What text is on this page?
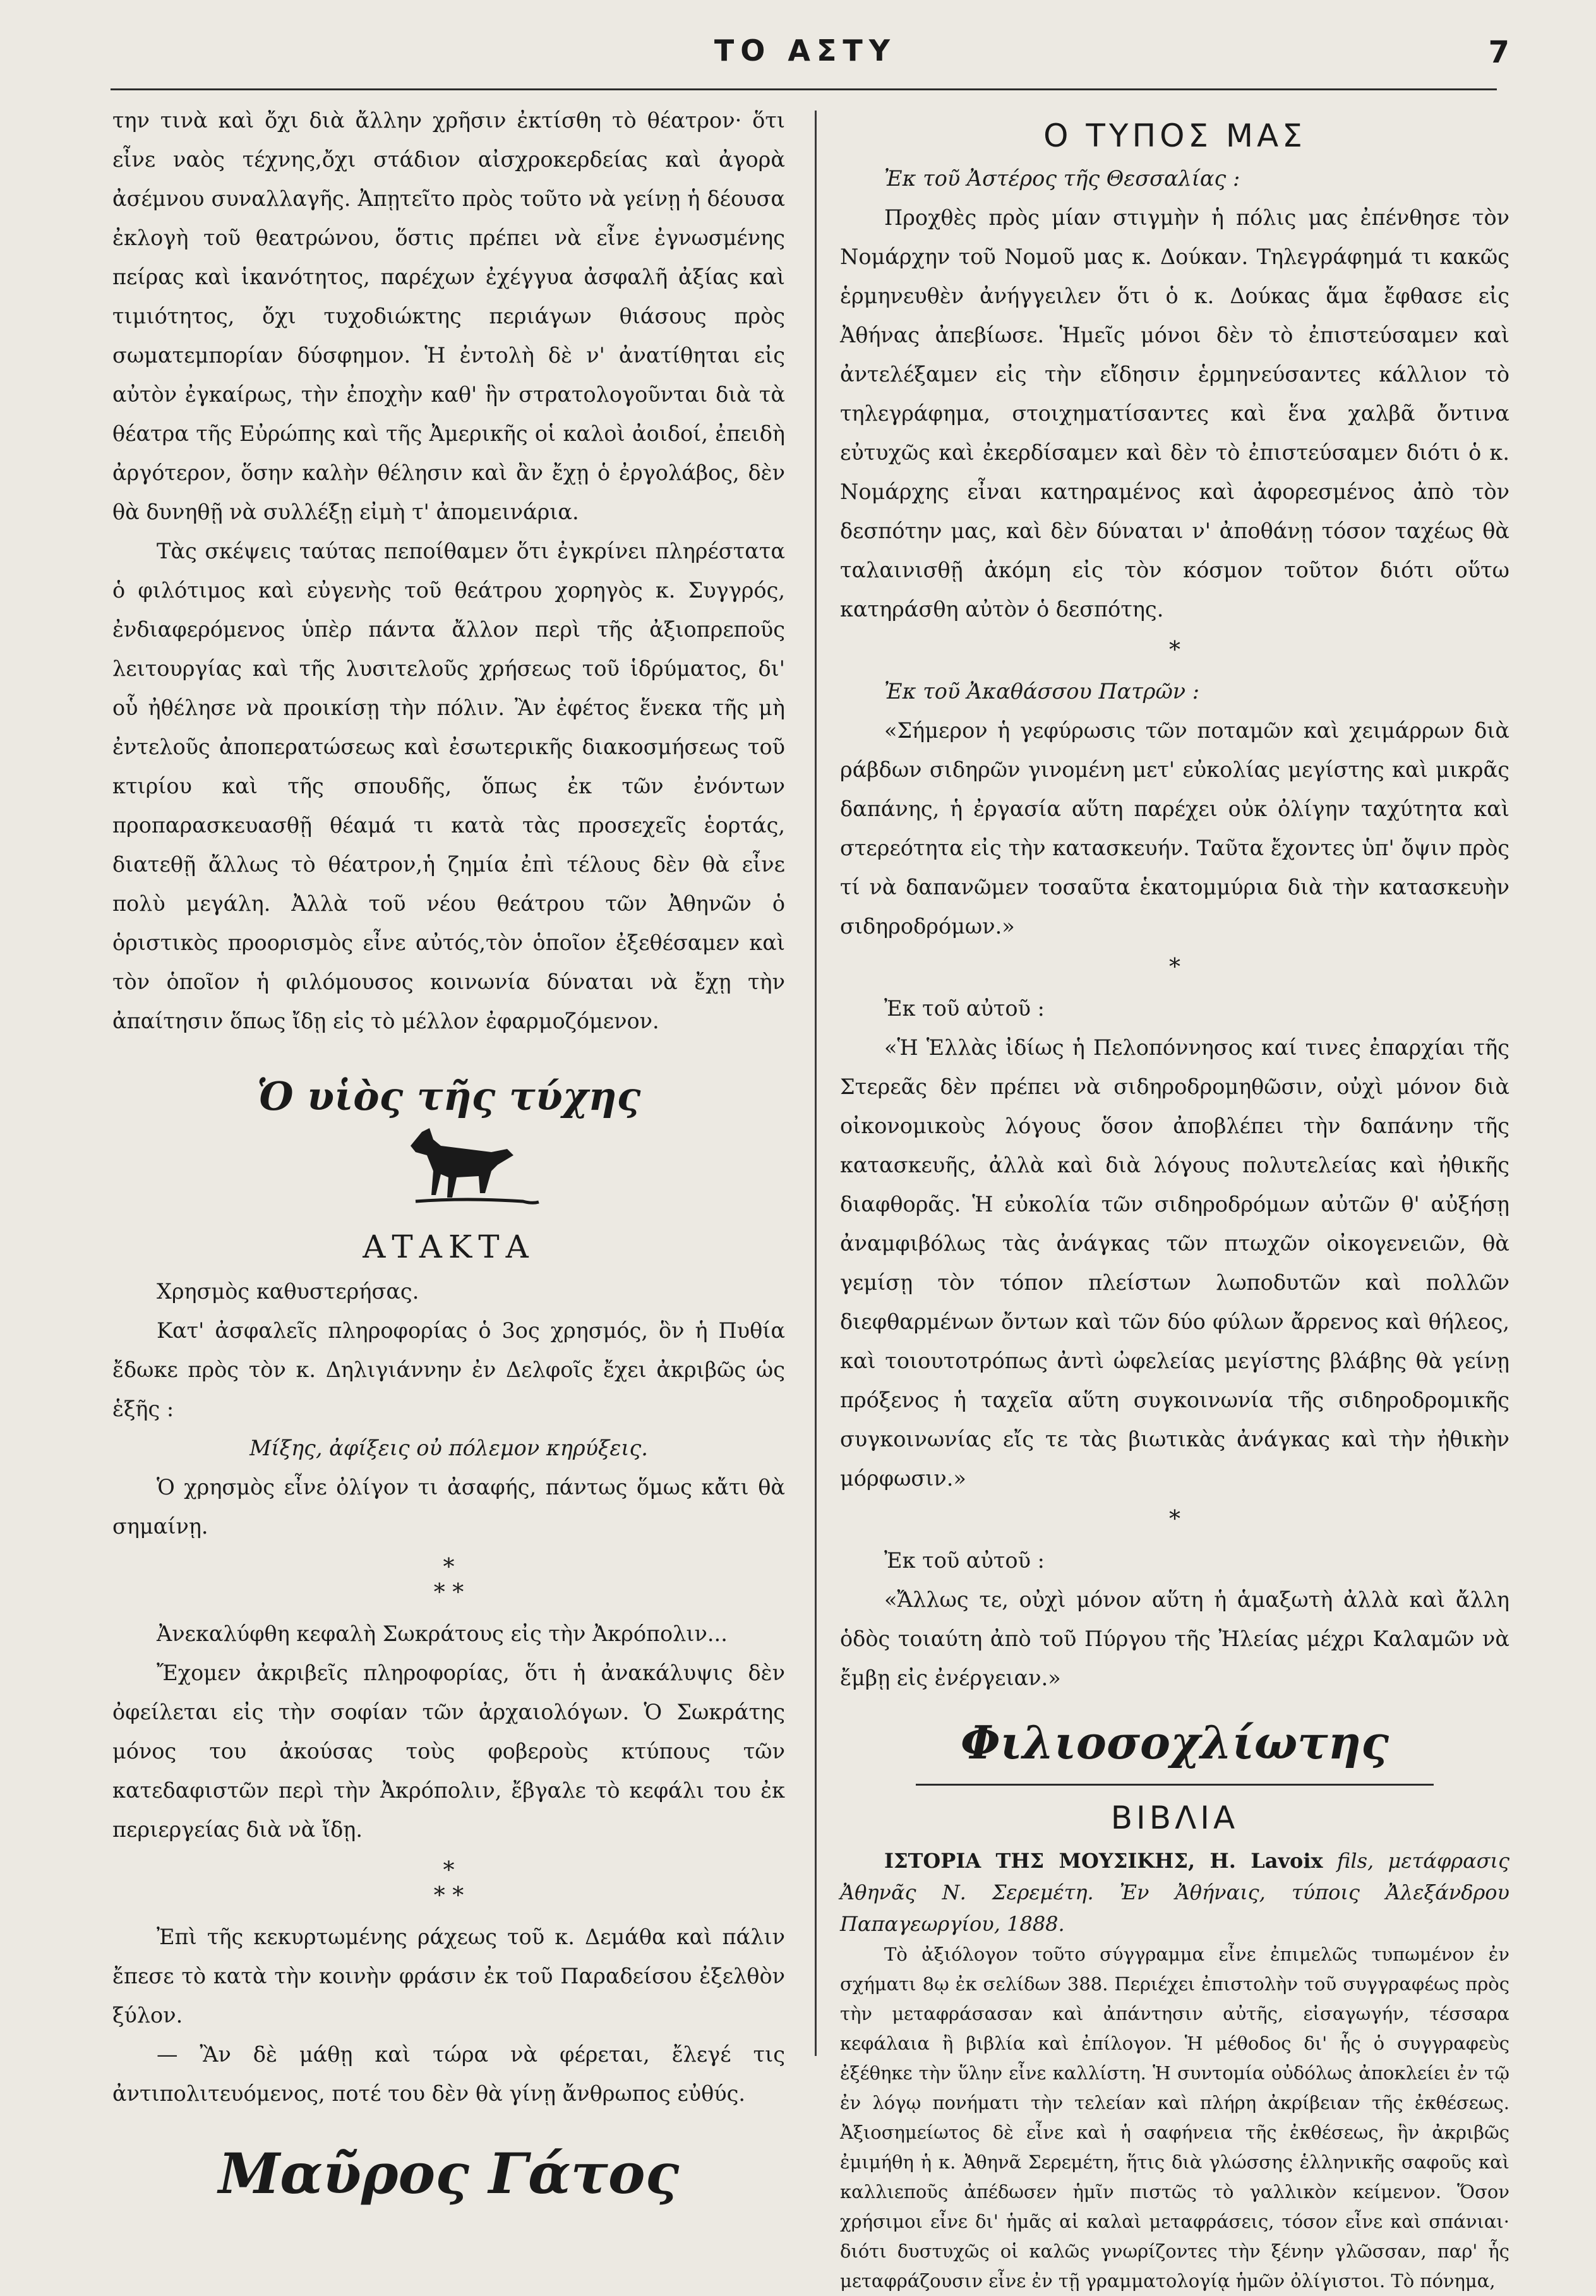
ΤΟ ΑΣΤΥ	7

την τινὰ καὶ ὄχι διὰ ἄλλην χρῆσιν ἐκτίσθη τὸ θέατρον· ὅτι εἶνε ναὸς τέχνης,ὄχι στάδιον αἰσχροκερδείας καὶ ἀγορὰ ἀσέμνου συναλλαγῆς. Ἀπῃτεῖτο πρὸς τοῦτο νὰ γείνῃ ἡ δέουσα ἐκλογὴ τοῦ θεατρώνου, ὅστις πρέπει νὰ εἶνε ἐγνωσμένης πείρας καὶ ἱκανότητος, παρέχων ἐχέγγυα ἀσφαλῆ ἀξίας καὶ τιμιότητος, ὄχι τυχοδιώκτης περιάγων θιάσους πρὸς σωματεμπορίαν δύσφημον. Ἡ ἐντολὴ δὲ ν' ἀνατίθηται εἰς αὐτὸν ἐγκαίρως, τὴν ἐποχὴν καθ' ἣν στρατολογοῦνται διὰ τὰ θέατρα τῆς Εὐρώπης καὶ τῆς Ἀμερικῆς οἱ καλοὶ ἀοιδοί, ἐπειδὴ ἀργότερον, ὅσην καλὴν θέλησιν καὶ ἂν ἔχῃ ὁ ἐργολάβος, δὲν θὰ δυνηθῇ νὰ συλλέξῃ εἰμὴ τ' ἀπομεινάρια.

Τὰς σκέψεις ταύτας πεποίθαμεν ὅτι ἐγκρίνει πληρέστατα ὁ φιλότιμος καὶ εὐγενὴς τοῦ θεάτρου χορηγὸς κ. Συγγρός, ἐνδιαφερόμενος ὑπὲρ πάντα ἄλλον περὶ τῆς ἀξιοπρεποῦς λειτουργίας καὶ τῆς λυσιτελοῦς χρήσεως τοῦ ἱδρύματος, δι' οὗ ἠθέλησε νὰ προικίσῃ τὴν πόλιν. Ἂν ἐφέτος ἕνεκα τῆς μὴ ἐντελοῦς ἀποπερατώσεως καὶ ἐσωτερικῆς διακοσμήσεως τοῦ κτιρίου καὶ τῆς σπουδῆς, ὅπως ἐκ τῶν ἐνόντων προπαρασκευασθῇ θέαμά τι κατὰ τὰς προσεχεῖς ἑορτάς, διατεθῇ ἄλλως τὸ θέατρον,ἡ ζημία ἐπὶ τέλους δὲν θὰ εἶνε πολὺ μεγάλη. Ἀλλὰ τοῦ νέου θεάτρου τῶν Ἀθηνῶν ὁ ὁριστικὸς προορισμὸς εἶνε αὐτός,τὸν ὁποῖον ἐξεθέσαμεν καὶ τὸν ὁποῖον ἡ φιλόμουσος κοινωνία δύναται νὰ ἔχῃ τὴν ἀπαίτησιν ὅπως ἴδῃ εἰς τὸ μέλλον ἐφαρμοζόμενον.

Ὁ υἱὸς τῆς τύχης
ΑΤΑΚΤΑ

Χρησμὸς καθυστερήσας.

Κατ' ἀσφαλεῖς πληροφορίας ὁ 3ος χρησμός, ὃν ἡ Πυθία ἔδωκε πρὸς τὸν κ. Δηλιγιάννην ἐν Δελφοῖς ἔχει ἀκριβῶς ὡς ἑξῆς :

Μίξης, ἀφίξεις οὐ πόλεμον κηρύξεις.

Ὁ χρησμὸς εἶνε ὀλίγον τι ἀσαφής, πάντως ὅμως κἄτι θὰ σημαίνῃ.

*
* *

Ἀνεκαλύφθη κεφαλὴ Σωκράτους εἰς τὴν Ἀκρόπολιν...

Ἔχομεν ἀκριβεῖς πληροφορίας, ὅτι ἡ ἀνακάλυψις δὲν ὀφείλεται εἰς τὴν σοφίαν τῶν ἀρχαιολόγων. Ὁ Σωκράτης μόνος του ἀκούσας τοὺς φοβεροὺς κτύπους τῶν κατεδαφιστῶν περὶ τὴν Ἀκρόπολιν, ἔβγαλε τὸ κεφάλι του ἐκ περιεργείας διὰ νὰ ἴδῃ.

*
* *

Ἐπὶ τῆς κεκυρτωμένης ράχεως τοῦ κ. Δεμάθα καὶ πάλιν ἔπεσε τὸ κατὰ τὴν κοινὴν φράσιν ἐκ τοῦ Παραδείσου ἐξελθὸν ξύλον.

— Ἂν δὲ μάθῃ καὶ τώρα νὰ φέρεται, ἔλεγέ τις ἀντιπολιτευόμενος, ποτέ του δὲν θὰ γίνῃ ἄνθρωπος εὐθύς.

Μαῦρος Γάτος
Ο ΤΥΠΟΣ ΜΑΣ

Ἐκ τοῦ Ἀστέρος τῆς Θεσσαλίας :

Προχθὲς πρὸς μίαν στιγμὴν ἡ πόλις μας ἐπένθησε τὸν Νομάρχην τοῦ Νομοῦ μας κ. Δούκαν. Τηλεγράφημά τι κακῶς ἑρμηνευθὲν ἀνήγγειλεν ὅτι ὁ κ. Δούκας ἅμα ἔφθασε εἰς Ἀθήνας ἀπεβίωσε. Ἡμεῖς μόνοι δὲν τὸ ἐπιστεύσαμεν καὶ ἀντελέξαμεν εἰς τὴν εἴδησιν ἑρμηνεύσαντες κάλλιον τὸ τηλεγράφημα, στοιχηματίσαντες καὶ ἕνα χαλβᾶ ὄντινα εὐτυχῶς καὶ ἐκερδίσαμεν καὶ δὲν τὸ ἐπιστεύσαμεν διότι ὁ κ. Νομάρχης εἶναι κατηραμένος καὶ ἀφορεσμένος ἀπὸ τὸν δεσπότην μας, καὶ δὲν δύναται ν' ἀποθάνῃ τόσον ταχέως θὰ ταλαινισθῇ ἀκόμη εἰς τὸν κόσμον τοῦτον διότι οὕτω κατηράσθη αὐτὸν ὁ δεσπότης.

*

Ἐκ τοῦ Ἀκαθάσσου Πατρῶν :

«Σήμερον ἡ γεφύρωσις τῶν ποταμῶν καὶ χειμάρρων διὰ ράβδων σιδηρῶν γινομένη μετ' εὐκολίας μεγίστης καὶ μικρᾶς δαπάνης, ἡ ἐργασία αὕτη παρέχει οὐκ ὀλίγην ταχύτητα καὶ στερεότητα εἰς τὴν κατασκευήν. Ταῦτα ἔχοντες ὑπ' ὄψιν πρὸς τί νὰ δαπανῶμεν τοσαῦτα ἑκατομμύρια διὰ τὴν κατασκευὴν σιδηροδρόμων.»

*

Ἐκ τοῦ αὐτοῦ :

«Ἡ Ἑλλὰς ἰδίως ἡ Πελοπόννησος καί τινες ἐπαρχίαι τῆς Στερεᾶς δὲν πρέπει νὰ σιδηροδρομηθῶσιν, οὐχὶ μόνον διὰ οἰκονομικοὺς λόγους ὅσον ἀποβλέπει τὴν δαπάνην τῆς κατασκευῆς, ἀλλὰ καὶ διὰ λόγους πολυτελείας καὶ ἠθικῆς διαφθορᾶς. Ἡ εὐκολία τῶν σιδηροδρόμων αὐτῶν θ' αὐξήσῃ ἀναμφιβόλως τὰς ἀνάγκας τῶν πτωχῶν οἰκογενειῶν, θὰ γεμίσῃ τὸν τόπον πλείστων λωποδυτῶν καὶ πολλῶν διεφθαρμένων ὄντων καὶ τῶν δύο φύλων ἄρρενος καὶ θήλεος, καὶ τοιουτοτρόπως ἀντὶ ὠφελείας μεγίστης βλάβης θὰ γείνῃ πρόξενος ἡ ταχεῖα αὕτη συγκοινωνία τῆς σιδηροδρομικῆς συγκοινωνίας εἴς τε τὰς βιωτικὰς ἀνάγκας καὶ τὴν ἠθικὴν μόρφωσιν.»

*

Ἐκ τοῦ αὐτοῦ :

«Ἄλλως τε, οὐχὶ μόνον αὕτη ἡ ἁμαξωτὴ ἀλλὰ καὶ ἄλλη ὁδὸς τοιαύτη ἀπὸ τοῦ Πύργου τῆς Ἠλείας μέχρι Καλαμῶν νὰ ἔμβῃ εἰς ἐνέργειαν.»

Φιλιοσοχλίωτης
ΒΙΒΛΙΑ

ΙΣΤΟΡΙΑ ΤΗΣ ΜΟΥΣΙΚΗΣ, Η. Lavoix fils, μετάφρασις Ἀθηνᾶς Ν. Σερεμέτη. Ἐν Ἀθήναις, τύποις Ἀλεξάνδρου Παπαγεωργίου, 1888.

Τὸ ἀξιόλογον τοῦτο σύγγραμμα εἶνε ἐπιμελῶς τυπωμένον ἐν σχήματι 8ῳ ἐκ σελίδων 388. Περιέχει ἐπιστολὴν τοῦ συγγραφέως πρὸς τὴν μεταφράσασαν καὶ ἀπάντησιν αὐτῆς, εἰσαγωγήν, τέσσαρα κεφάλαια ἢ βιβλία καὶ ἐπίλογον. Ἡ μέθοδος δι' ἧς ὁ συγγραφεὺς ἐξέθηκε τὴν ὕλην εἶνε καλλίστη. Ἡ συντομία οὐδόλως ἀποκλείει ἐν τῷ ἐν λόγῳ πονήματι τὴν τελείαν καὶ πλήρη ἀκρίβειαν τῆς ἐκθέσεως. Ἀξιοσημείωτος δὲ εἶνε καὶ ἡ σαφήνεια τῆς ἐκθέσεως, ἣν ἀκριβῶς ἐμιμήθη ἡ κ. Ἀθηνᾶ Σερεμέτη, ἥτις διὰ γλώσσης ἑλληνικῆς σαφοῦς καὶ καλλιεποῦς ἀπέδωσεν ἡμῖν πιστῶς τὸ γαλλικὸν κείμενον. Ὅσον χρήσιμοι εἶνε δι' ἡμᾶς αἱ καλαὶ μεταφράσεις, τόσον εἶνε καὶ σπάνιαι· διότι δυστυχῶς οἱ καλῶς γνωρίζοντες τὴν ξένην γλῶσσαν, παρ' ἧς μεταφράζουσιν εἶνε ἐν τῇ γραμματολογίᾳ ἡμῶν ὀλίγιστοι. Τὸ πόνημα,
